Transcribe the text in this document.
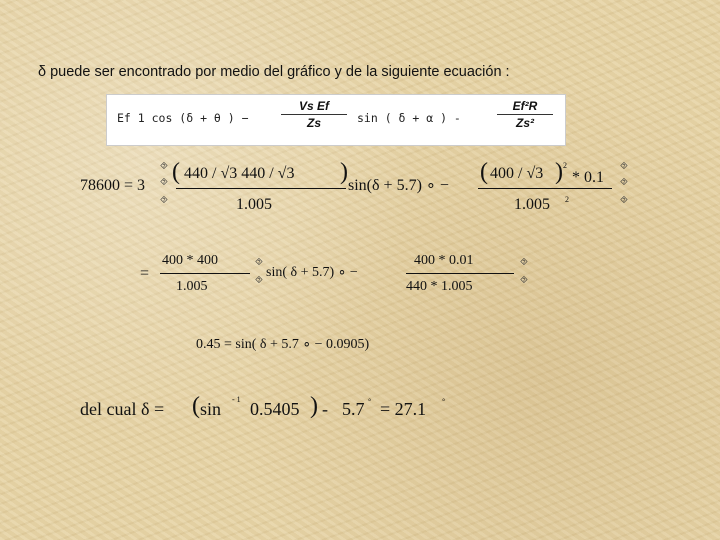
δ puede ser encontrado por medio del gráfico y de la siguiente ecuación :
Ef 1 cos (δ + θ ) −	$\frac{\text{Vs Ef}}{Zs}$ sin ( δ + α ) -	$\frac{\text{Ef²R}}{\text{Zs²}}$
78600 = 3
⯑
⯑
⯑
( 440 / √3 440 / √3 )
1.005
sin(δ + 5.7) ∘ −
( 400 / √3 ) 2
* 0.1
1.005 2
⯑
⯑
⯑
=
400 * 400
1.005
⯑
⯑
sin( δ + 5.7) ∘ −
400 * 0.01
440 * 1.005
⯑
⯑
0.45 = sin( δ + 5.7 ∘ − 0.0905)
del cual δ = ( sin - 1 0.5405 ) - 5.7 ° = 27.1 °
